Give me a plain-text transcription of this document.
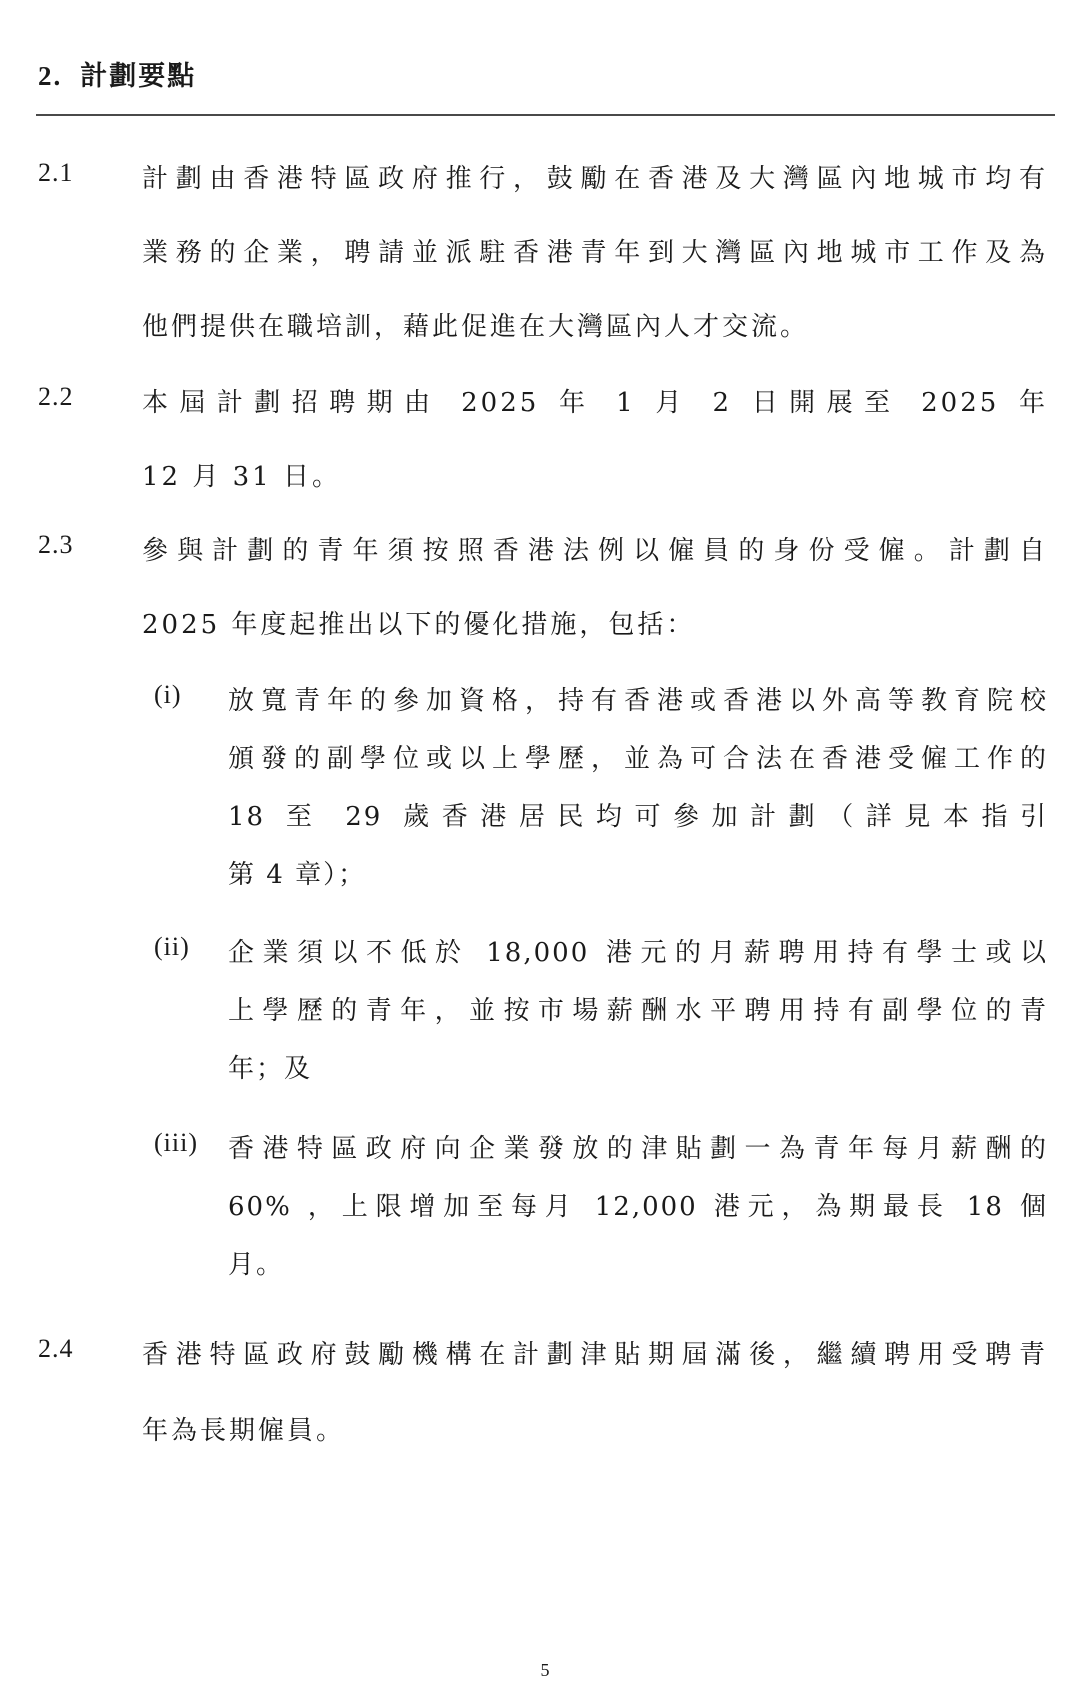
2. 計劃要點
2.1	計劃由香港特區政府推行，鼓勵在香港及大灣區內地城市均有
業務的企業，聘請並派駐香港青年到大灣區內地城市工作及為
他們提供在職培訓，藉此促進在大灣區內人才交流。
2.2	本屆計劃招聘期由 2025 年 1 月 2 日開展至 2025 年
12 月 31 日。
2.3	參與計劃的青年須按照香港法例以僱員的身份受僱。計劃自
2025 年度起推出以下的優化措施，包括：
(i) 放寬青年的參加資格，持有香港或香港以外高等教育院校
頒發的副學位或以上學歷，並為可合法在香港受僱工作的
18 至 29 歲香港居民均可參加計劃（詳見本指引
第 4 章）；
(ii) 企業須以不低於 18,000 港元的月薪聘用持有學士或以
上學歷的青年，並按市場薪酬水平聘用持有副學位的青
年；及
(iii) 香港特區政府向企業發放的津貼劃一為青年每月薪酬的
60% ，上限增加至每月 12,000 港元，為期最長 18 個
月。
2.4	香港特區政府鼓勵機構在計劃津貼期屆滿後，繼續聘用受聘青
年為長期僱員。
5
